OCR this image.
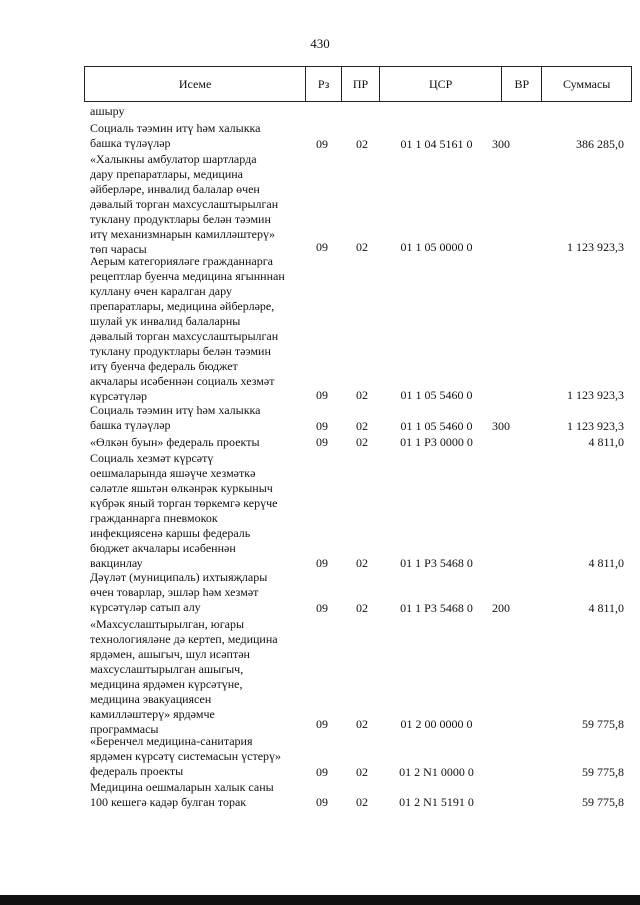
430
Исеме	Рз	ПР	ЦСР	ВР	Суммасы
ашыру
Социаль тәэмин итү һәм халыкка
башка түләүләр	09	02	01 1 04 5161 0	300	386 285,0
«Халыкны амбулатор шартларда
дару препаратлары, медицина
әйберләре, инвалид балалар өчен
дәвалый торган махсуслаштырылган
туклану продуктлары белән тәэмин
итү механизмнарын камилләштерү»
төп чарасы	09	02	01 1 05 0000 0	1 123 923,3
Аерым категорияләге гражданнарга
рецептлар буенча медицина ягынннан
куллану өчен каралган дару
препаратлары, медицина әйберләре,
шулай ук инвалид балаларны
дәвалый торган махсуслаштырылган
туклану продуктлары белән тәэмин
итү буенча федераль бюджет
акчалары исәбеннән социаль хезмәт
күрсәтүләр	09	02	01 1 05 5460 0	1 123 923,3
Социаль тәэмин итү һәм халыкка
башка түләүләр	09	02	01 1 05 5460 0	300	1 123 923,3
«Өлкән буын» федераль проекты	09	02	01 1 P3 0000 0	4 811,0
Социаль хезмәт күрсәтү
оешмаларында яшәүче хезмәткә
сәләтле яшьтән өлкәнрәк куркыныч
күбрәк яный торган төркемгә керүче
гражданнарга пневмокок
инфекциясенә каршы федераль
бюджет акчалары исәбеннән
вакцинлау	09	02	01 1 P3 5468 0	4 811,0
Дәүләт (муниципаль) ихтыяҗлары
өчен товарлар, эшләр һәм хезмәт
күрсәтүләр сатып алу	09	02	01 1 P3 5468 0	200	4 811,0
«Махсуслаштырылган, югары
технологияләне дә кертеп, медицина
ярдәмен, ашыгыч, шул исәптән
махсуслаштырылган ашыгыч,
медицина ярдәмен күрсәтүне,
медицина эвакуациясен
камилләштерү» ярдәмче
программасы	09	02	01 2 00 0000 0	59 775,8
«Беренчел медицина-санитария
ярдәмен күрсәтү системасын үстерү»
федераль проекты	09	02	01 2 N1 0000 0	59 775,8
Медицина оешмаларын халык саны
100 кешегә кадәр булган торак	09	02	01 2 N1 5191 0	59 775,8
